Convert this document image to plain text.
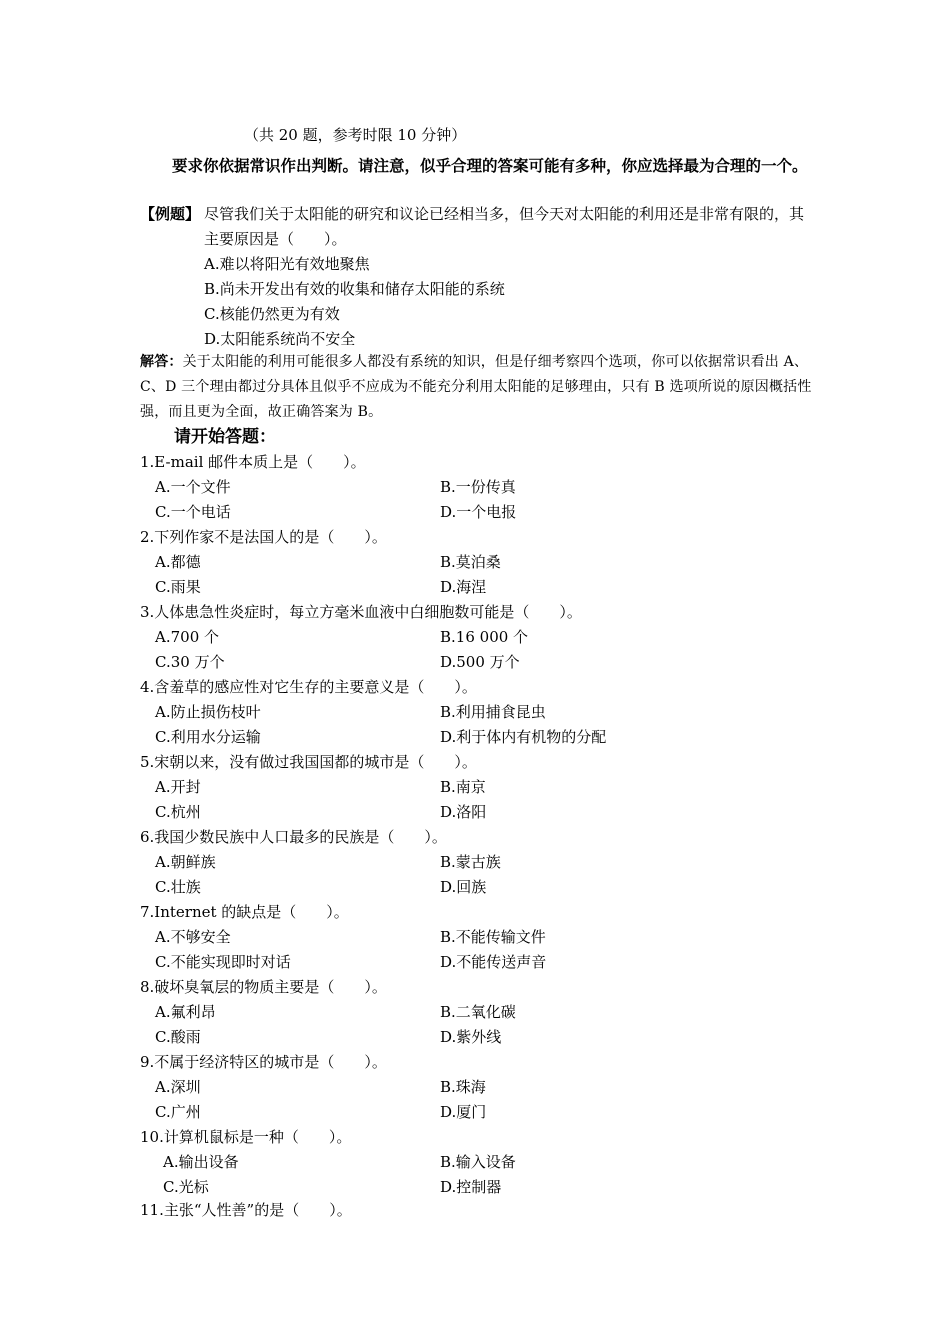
（共 20 题，参考时限 10 分钟）
要求你依据常识作出判断。请注意，似乎合理的答案可能有多种，你应选择最为合理的一个。
【例题】 尽管我们关于太阳能的研究和议论已经相当多，但今天对太阳能的利用还是非常有限的，其主要原因是（　　）。
A.难以将阳光有效地聚焦
B.尚未开发出有效的收集和储存太阳能的系统
C.核能仍然更为有效
D.太阳能系统尚不安全
解答：关于太阳能的利用可能很多人都没有系统的知识，但是仔细考察四个选项，你可以依据常识看出 A、C、D 三个理由都过分具体且似乎不应成为不能充分利用太阳能的足够理由，只有 B 选项所说的原因概括性强，而且更为全面，故正确答案为 B。
请开始答题：
1.E-mail 邮件本质上是（　　）。
A.一个文件	B.一份传真
C.一个电话	D.一个电报
2.下列作家不是法国人的是（　　）。
A.都德	B.莫泊桑
C.雨果	D.海涅
3.人体患急性炎症时，每立方毫米血液中白细胞数可能是（　　）。
A.700 个	B.16 000 个
C.30 万个	D.500 万个
4.含羞草的感应性对它生存的主要意义是（　　）。
A.防止损伤枝叶	B.利用捕食昆虫
C.利用水分运输	D.利于体内有机物的分配
5.宋朝以来，没有做过我国国都的城市是（　　）。
A.开封	B.南京
C.杭州	D.洛阳
6.我国少数民族中人口最多的民族是（　　）。
A.朝鲜族	B.蒙古族
C.壮族	D.回族
7.Internet 的缺点是（　　）。
A.不够安全	B.不能传输文件
C.不能实现即时对话	D.不能传送声音
8.破坏臭氧层的物质主要是（　　）。
A.氟利昂	B.二氧化碳
C.酸雨	D.紫外线
9.不属于经济特区的城市是（　　）。
A.深圳	B.珠海
C.广州	D.厦门
10.计算机鼠标是一种（　　）。
A.输出设备	B.输入设备
C.光标	D.控制器
11.主张“人性善”的是（　　）。
